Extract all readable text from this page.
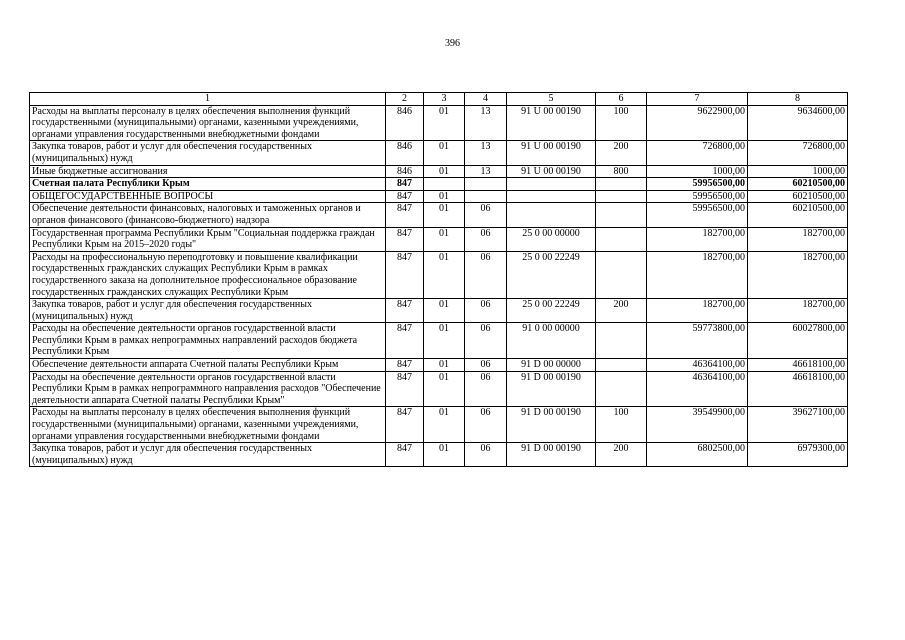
396
1	2	3	4	5	6	7	8
Расходы на выплаты персоналу в целях обеспечения выполнения функций государственными (муниципальными) органами, казенными учреждениями, органами управления государственными внебюджетными фондами	846	01	13	91 U 00 00190	100	9622900,00	9634600,00
Закупка товаров, работ и услуг для обеспечения государственных (муниципальных) нужд	846	01	13	91 U 00 00190	200	726800,00	726800,00
Иные бюджетные ассигнования	846	01	13	91 U 00 00190	800	1000,00	1000,00
Счетная палата Республики Крым	847					59956500,00	60210500,00
ОБЩЕГОСУДАРСТВЕННЫЕ ВОПРОСЫ	847	01				59956500,00	60210500,00
Обеспечение деятельности финансовых, налоговых и таможенных органов и органов финансового (финансово-бюджетного) надзора	847	01	06			59956500,00	60210500,00
Государственная программа Республики Крым "Социальная поддержка граждан Республики Крым на 2015–2020 годы"	847	01	06	25 0 00 00000		182700,00	182700,00
Расходы на профессиональную переподготовку и повышение квалификации государственных гражданских служащих Республики Крым в рамках государственного заказа на дополнительное профессиональное образование государственных гражданских служащих Республики Крым	847	01	06	25 0 00 22249		182700,00	182700,00
Закупка товаров, работ и услуг для обеспечения государственных (муниципальных) нужд	847	01	06	25 0 00 22249	200	182700,00	182700,00
Расходы на обеспечение деятельности органов государственной власти Республики Крым в рамках непрограммных направлений расходов бюджета Республики Крым	847	01	06	91 0 00 00000		59773800,00	60027800,00
Обеспечение деятельности аппарата Счетной палаты Республики Крым	847	01	06	91 D 00 00000		46364100,00	46618100,00
Расходы на обеспечение деятельности органов государственной власти Республики Крым в рамках непрограммного направления расходов "Обеспечение деятельности аппарата Счетной палаты Республики Крым"	847	01	06	91 D 00 00190		46364100,00	46618100,00
Расходы на выплаты персоналу в целях обеспечения выполнения функций государственными (муниципальными) органами, казенными учреждениями, органами управления государственными внебюджетными фондами	847	01	06	91 D 00 00190	100	39549900,00	39627100,00
Закупка товаров, работ и услуг для обеспечения государственных (муниципальных) нужд	847	01	06	91 D 00 00190	200	6802500,00	6979300,00
